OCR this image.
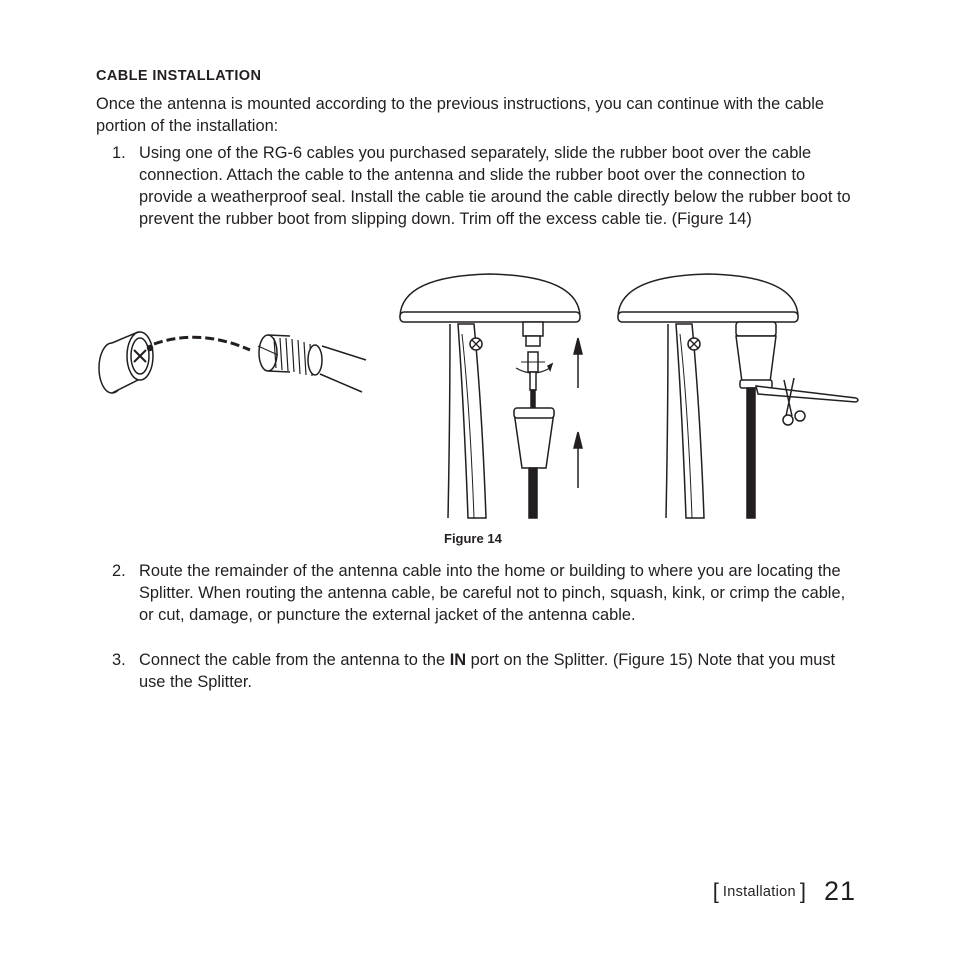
CABLE INSTALLATION
Once the antenna is mounted according to the previous instructions, you can continue with the cable portion of the installation:
1. Using one of the RG-6 cables you purchased separately, slide the rubber boot over the cable connection. Attach the cable to the antenna and slide the rubber boot over the connection to provide a weatherproof seal. Install the cable tie around the cable directly below the rubber boot to prevent the rubber boot from slipping down. Trim off the excess cable tie. (Figure 14)
Figure 14
2. Route the remainder of the antenna cable into the home or building to where you are locating the Splitter. When routing the antenna cable, be careful not to pinch, squash, kink, or crimp the cable, or cut, damage, or puncture the external jacket of the antenna cable.
3. Connect the cable from the antenna to the IN port on the Splitter. (Figure 15) Note that you must use the Splitter.
[ Installation ] 21
